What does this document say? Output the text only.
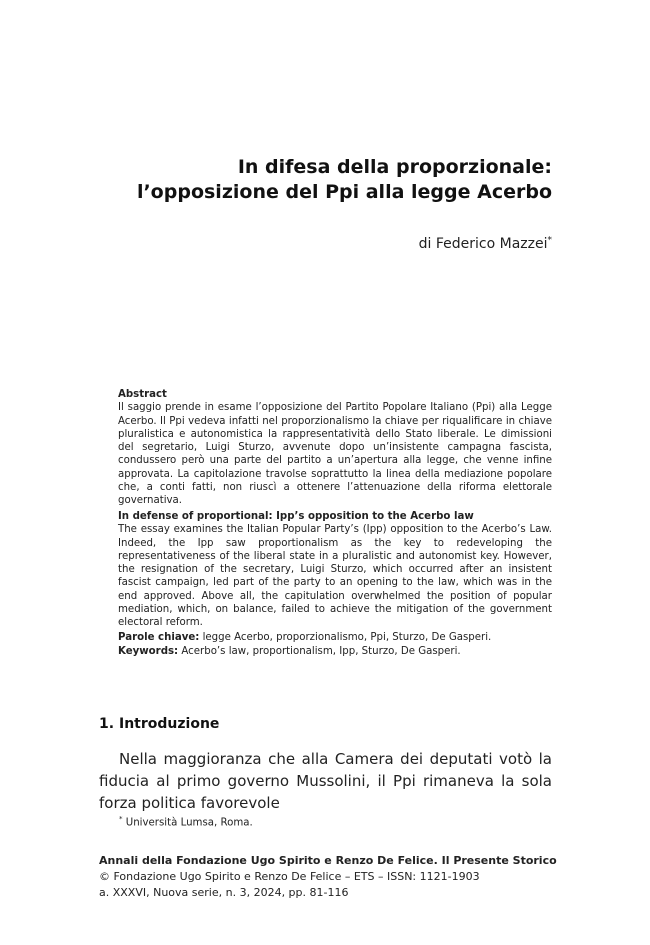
In difesa della proporzionale:
l’opposizione del Ppi alla legge Acerbo
di Federico Mazzei*
Abstract

Il saggio prende in esame l’opposizione del Partito Popolare Italiano (Ppi) alla Legge Acerbo. Il Ppi vedeva infatti nel proporzionalismo la chiave per riqualificare in chiave pluralistica e autonomistica la rappresentatività dello Stato liberale. Le dimissioni del segretario, Luigi Sturzo, avvenute dopo un’insistente campagna fascista, condussero però una parte del partito a un’apertura alla legge, che venne infine approvata. La capitolazione travolse soprattutto la linea della mediazione popolare che, a conti fatti, non riuscì a ottenere l’attenuazione della riforma elettorale governativa.

In defense of proportional: Ipp’s opposition to the Acerbo law

The essay examines the Italian Popular Party’s (Ipp) opposition to the Acerbo’s Law. Indeed, the Ipp saw proportionalism as the key to redeveloping the representativeness of the liberal state in a pluralistic and autonomist key. However, the resignation of the secretary, Luigi Sturzo, which occurred after an insistent fascist campaign, led part of the party to an opening to the law, which was in the end approved. Above all, the capitulation overwhelmed the position of popular mediation, which, on balance, failed to achieve the mitigation of the government electoral reform.

Parole chiave: legge Acerbo, proporzionalismo, Ppi, Sturzo, De Gasperi.
Keywords: Acerbo’s law, proportionalism, Ipp, Sturzo, De Gasperi.
1. Introduzione
Nella maggioranza che alla Camera dei deputati votò la fiducia al primo governo Mussolini, il Ppi rimaneva la sola forza politica favorevole
* Università Lumsa, Roma.
Annali della Fondazione Ugo Spirito e Renzo De Felice. Il Presente Storico
© Fondazione Ugo Spirito e Renzo De Felice – ETS – ISSN: 1121-1903
a. XXXVI, Nuova serie, n. 3, 2024, pp. 81-116
